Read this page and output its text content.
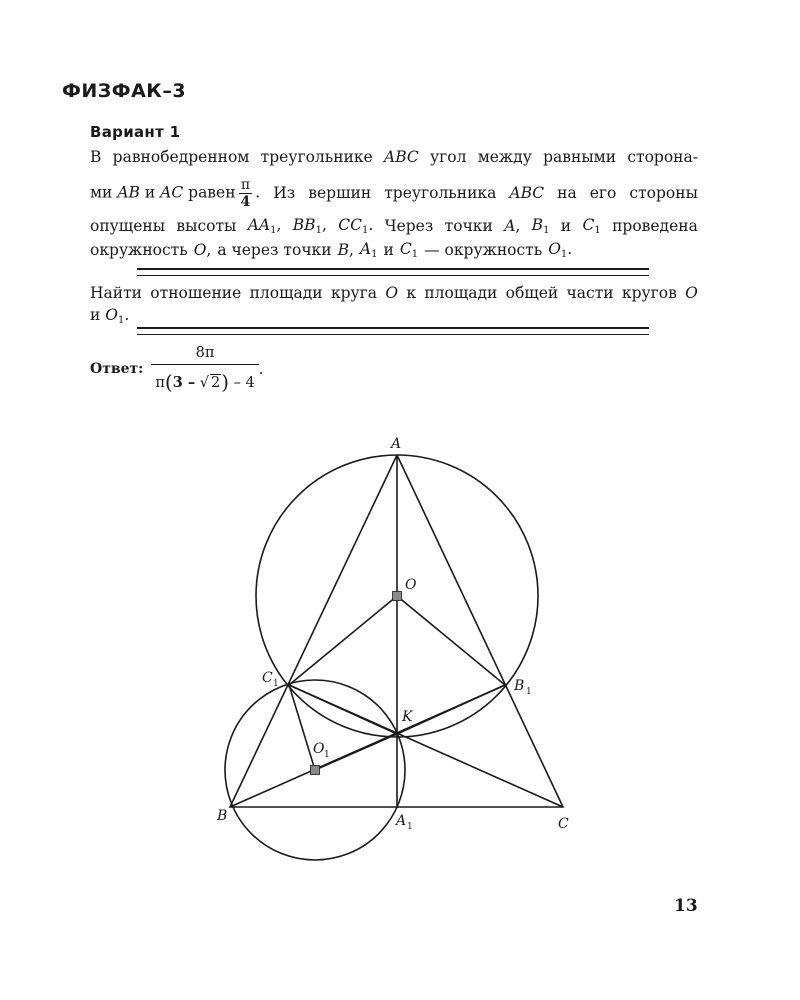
ФИЗФАК–3
Вариант 1
В равнобедренном треугольнике ABC угол между равными сторона-
ми AB и AC равен $\frac{\pi}{4}$ . Из вершин треугольника ABC на его стороны
опущены высоты $AA_1$, $BB_1$, $CC_1$. Через точки A, $B_1$ и $C_1$ проведена
окружность O, а через точки B, $A_1$ и $C_1$ — окружность $O_1$.
Найти отношение площади круга O к площади общей части кругов O
и $O_1$.
Ответ: $\frac{8\pi}{\pi(3 - √ 2) - 4}$ .
A
O
C 1	B 1
K
O 1
B	A 1	C
13
